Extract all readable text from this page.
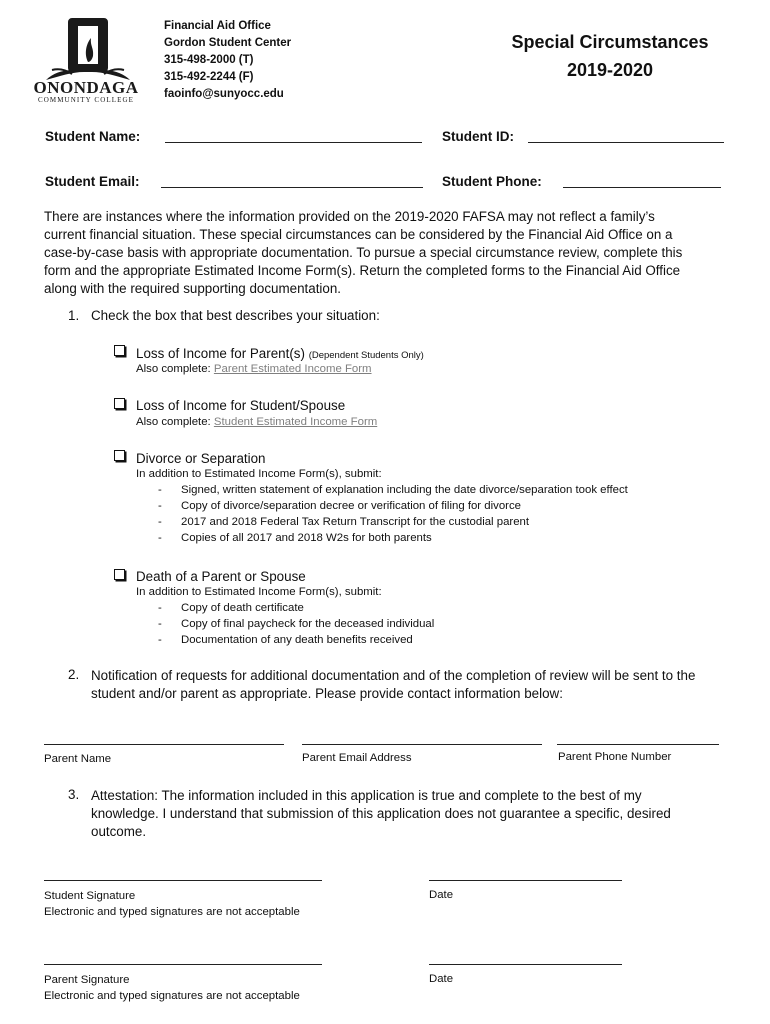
ONONDAGA
COMMUNITY COLLEGE
Financial Aid Office
Gordon Student Center
315-498-2000 (T)
315-492-2244 (F)
faoinfo@sunyocc.edu
Special Circumstances
2019-2020
Student Name:	Student ID:
Student Email:	Student Phone:
There are instances where the information provided on the 2019-2020 FAFSA may not reflect a family’s
current financial situation. These special circumstances can be considered by the Financial Aid Office on a
case-by-case basis with appropriate documentation. To pursue a special circumstance review, complete this
form and the appropriate Estimated Income Form(s). Return the completed forms to the Financial Aid Office
along with the required supporting documentation.
1. Check the box that best describes your situation:
Loss of Income for Parent(s) (Dependent Students Only)
Also complete: Parent Estimated Income Form
Loss of Income for Student/Spouse
Also complete: Student Estimated Income Form
Divorce or Separation
In addition to Estimated Income Form(s), submit:
- Signed, written statement of explanation including the date divorce/separation took effect
- Copy of divorce/separation decree or verification of filing for divorce
- 2017 and 2018 Federal Tax Return Transcript for the custodial parent
- Copies of all 2017 and 2018 W2s for both parents
Death of a Parent or Spouse
In addition to Estimated Income Form(s), submit:
- Copy of death certificate
- Copy of final paycheck for the deceased individual
- Documentation of any death benefits received
2. Notification of requests for additional documentation and of the completion of review will be sent to the
student and/or parent as appropriate. Please provide contact information below:
Parent Name	Parent Email Address	Parent Phone Number
3. Attestation: The information included in this application is true and complete to the best of my
knowledge. I understand that submission of this application does not guarantee a specific, desired
outcome.
Student Signature
Electronic and typed signatures are not acceptable
Date
Parent Signature
Electronic and typed signatures are not acceptable
Date
